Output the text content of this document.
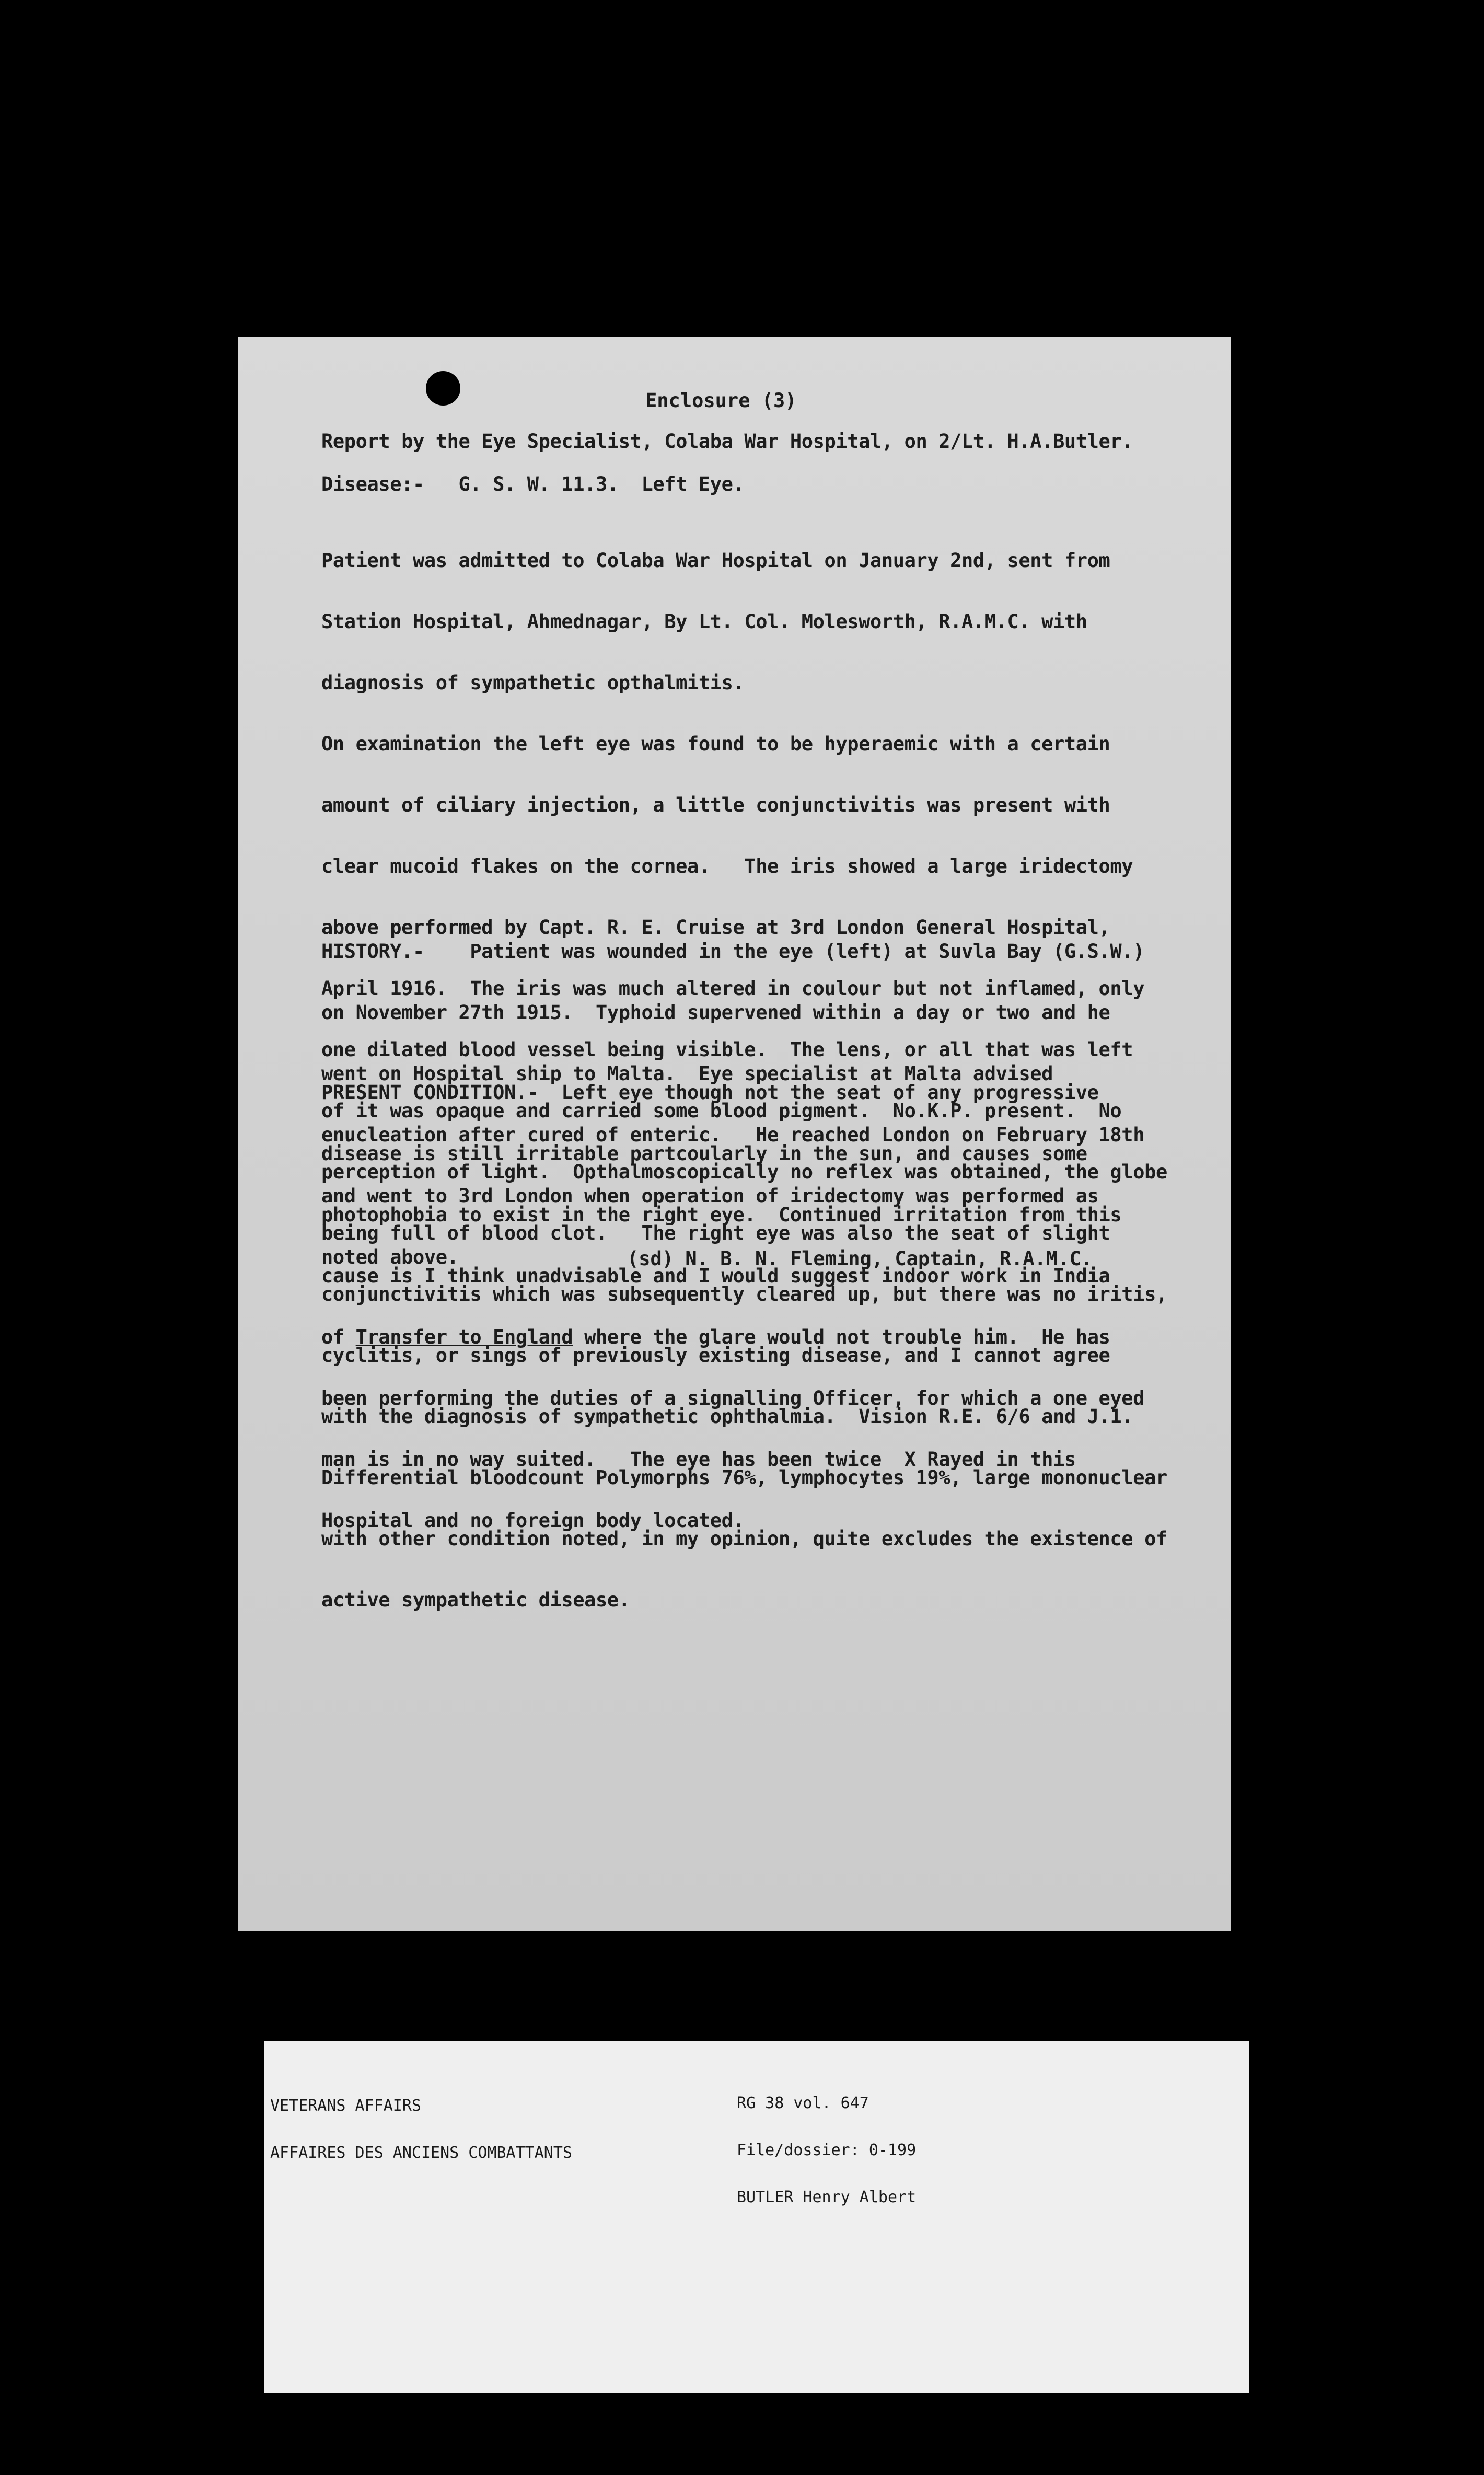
Enclosure (3)
Report by the Eye Specialist, Colaba War Hospital, on 2/Lt. H.A.Butler.
Disease:-   G. S. W. 11.3.  Left Eye.

Patient was admitted to Colaba War Hospital on January 2nd, sent from

Station Hospital, Ahmednagar, By Lt. Col. Molesworth, R.A.M.C. with

diagnosis of sympathetic opthalmitis.

On examination the left eye was found to be hyperaemic with a certain

amount of ciliary injection, a little conjunctivitis was present with

clear mucoid flakes on the cornea.   The iris showed a large iridectomy

above performed by Capt. R. E. Cruise at 3rd London General Hospital,

April 1916.  The iris was much altered in coulour but not inflamed, only

one dilated blood vessel being visible.  The lens, or all that was left

of it was opaque and carried some blood pigment.  No.K.P. present.  No

perception of light.  Opthalmoscopically no reflex was obtained, the globe

being full of blood clot.   The right eye was also the seat of slight

conjunctivitis which was subsequently cleared up, but there was no iritis,

cyclitis, or sings of previously existing disease, and I cannot agree

with the diagnosis of sympathetic ophthalmia.  Vision R.E. 6/6 and J.1.

Differential bloodcount Polymorphs 76%, lymphocytes 19%, large mononuclear

with other condition noted, in my opinion, quite excludes the existence of

active sympathetic disease.

HISTORY.-    Patient was wounded in the eye (left) at Suvla Bay (G.S.W.)

on November 27th 1915.  Typhoid supervened within a day or two and he

went on Hospital ship to Malta.  Eye specialist at Malta advised

enucleation after cured of enteric.   He reached London on February 18th

and went to 3rd London when operation of iridectomy was performed as

noted above.

PRESENT CONDITION.-  Left eye though not the seat of any progressive

disease is still irritable partcoularly in the sun, and causes some

photophobia to exist in the right eye.  Continued irritation from this

cause is I think unadvisable and I would suggest indoor work in India

of Transfer to England where the glare would not trouble him.  He has

been performing the duties of a signalling Officer, for which a one eyed

man is in no way suited.   The eye has been twice  X Rayed in this

Hospital and no foreign body located.

(sd) N. B. N. Fleming, Captain, R.A.M.C.

VETERANS AFFAIRS

AFFAIRES DES ANCIENS COMBATTANTS

RG 38 vol. 647

File/dossier: 0-199

BUTLER Henry Albert
